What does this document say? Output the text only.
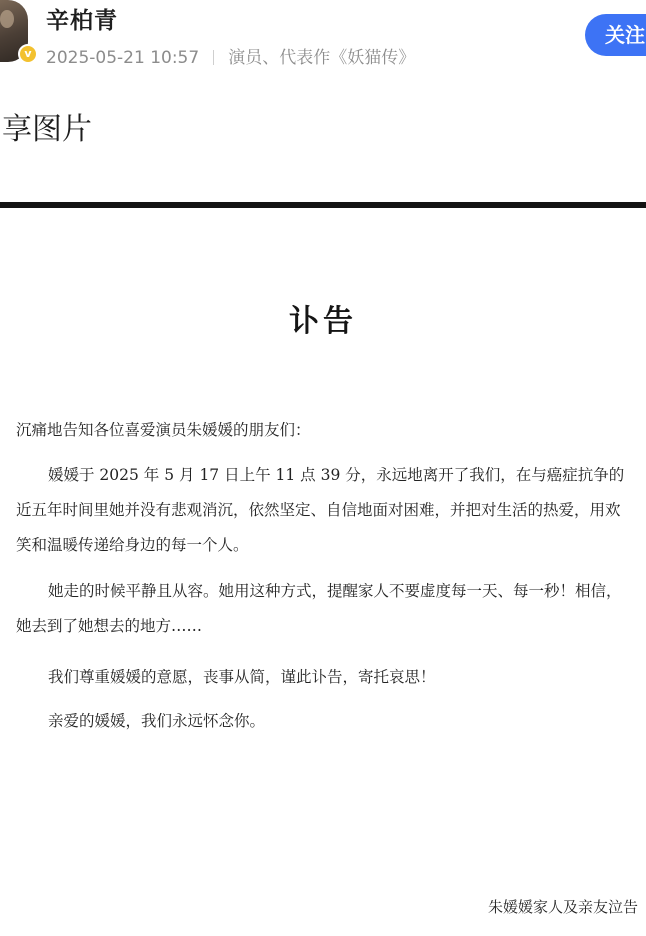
v
辛柏青
2025-05-21 10:57 演员、代表作《妖猫传》
关注
享图片
讣告
沉痛地告知各位喜爱演员朱媛媛的朋友们：

媛媛于 2025 年 5 月 17 日上午 11 点 39 分，永远地离开了我们，在与癌症抗争的近五年时间里她并没有悲观消沉，依然坚定、自信地面对困难，并把对生活的热爱，用欢笑和温暖传递给身边的每一个人。

她走的时候平静且从容。她用这种方式，提醒家人不要虚度每一天、每一秒！相信，她去到了她想去的地方……

我们尊重媛媛的意愿，丧事从简，谨此讣告，寄托哀思！

亲爱的媛媛，我们永远怀念你。

朱媛媛家人及亲友泣告
